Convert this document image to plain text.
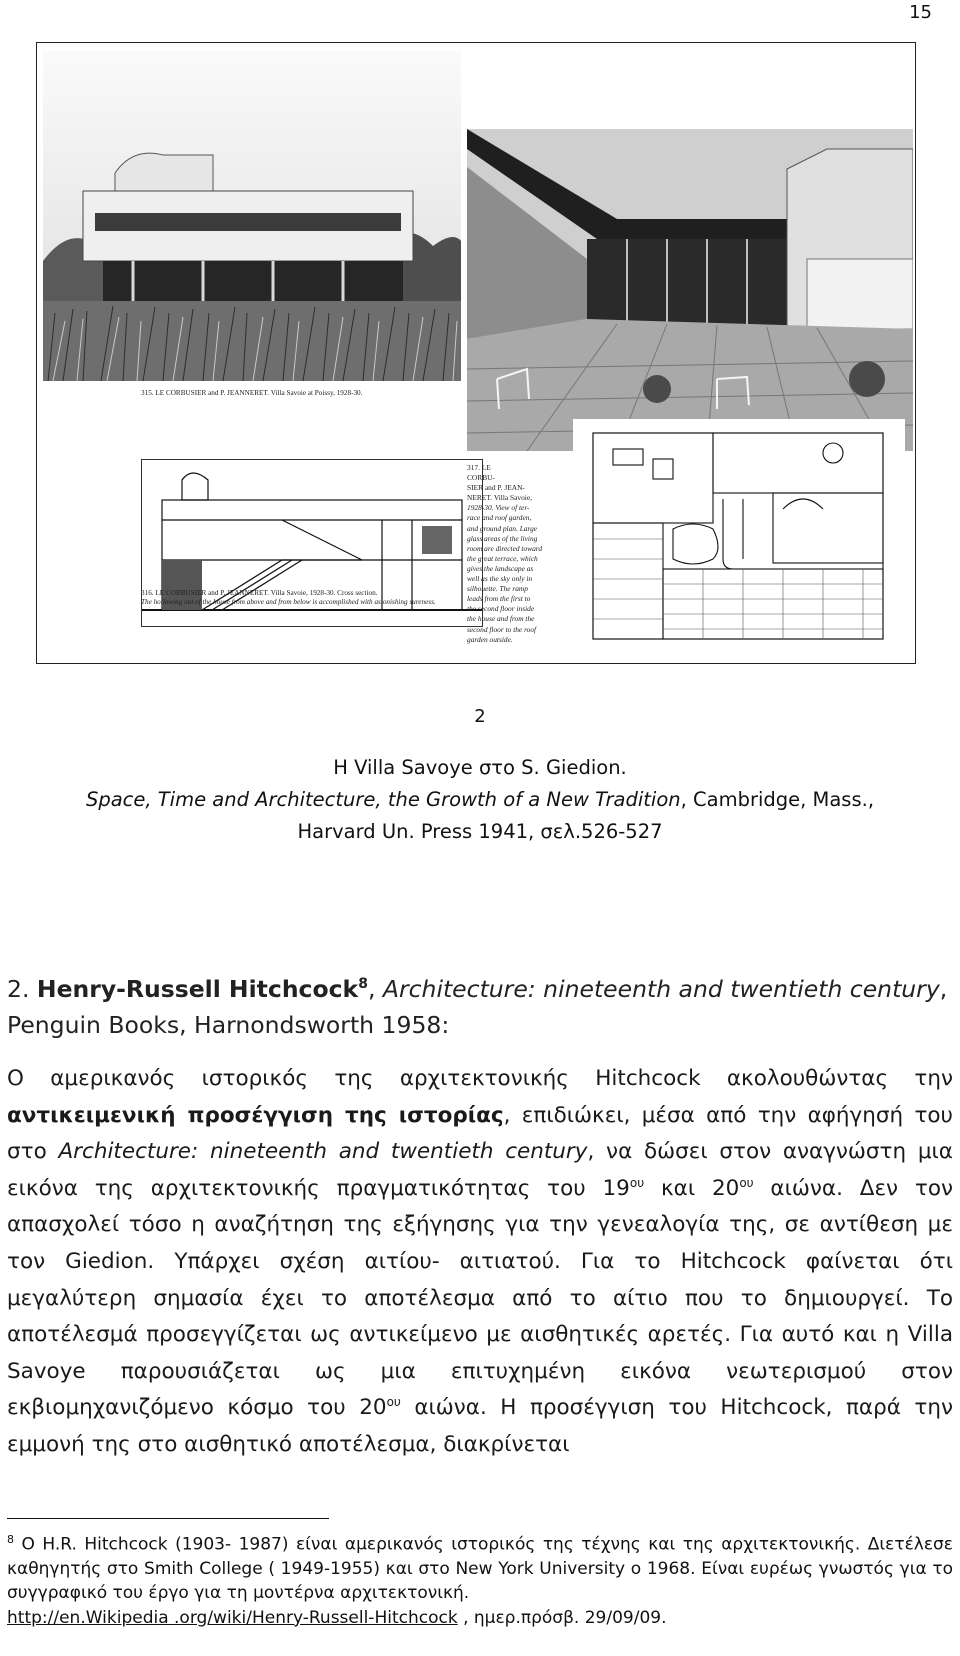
15
315. LE CORBUSIER and P. JEANNERET. Villa Savoie at Poissy, 1928-30.
316. LE CORBUSIER and P. JEANNERET. Villa Savoie, 1928-30. Cross section.
The hollowing out of the house from above and from below is accomplished with astonishing sureness.
317. LE
CORBU-
SIER and P. JEAN-
NERET. Villa Savoie,
1928-30. View of ter-
race and roof garden,
and ground plan. Large
glass areas of the living
room are directed toward
the great terrace, which
gives the landscape as
well as the sky only in
silhouette. The ramp
leads from the first to
the second floor inside
the house and from the
second floor to the roof
garden outside.
2
H Villa Savoye στο S. Giedion.
Space, Time and Architecture, the Growth of a New Tradition, Cambridge, Mass.,
Harvard Un. Press 1941, σελ.526-527
2. Henry-Russell Hitchcock$^8$, Architecture: nineteenth and twentieth century, Penguin Books, Harnondsworth 1958:
Ο αμερικανός ιστορικός της αρχιτεκτονικής Hitchcock ακολουθώντας την αντικειμενική προσέγγιση της ιστορίας, επιδιώκει, μέσα από την αφήγησή του στο Architecture: nineteenth and twentieth century, να δώσει στον αναγνώστη μια εικόνα της αρχιτεκτονικής πραγματικότητας του $19^{o\upsilon}$ και $20^{o\upsilon}$ αιώνα. Δεν τον απασχολεί τόσο η αναζήτηση της εξήγησης για την γενεαλογία της, σε αντίθεση με τον Giedion. Υπάρχει σχέση αιτίου- αιτιατού. Για το Hitchcock φαίνεται ότι μεγαλύτερη σημασία έχει το αποτέλεσμα από το αίτιο που το δημιουργεί. Το αποτέλεσμά προσεγγίζεται ως αντικείμενο με αισθητικές αρετές. Για αυτό και η Villa Savoye παρουσιάζεται ως μια επιτυχημένη εικόνα νεωτερισμού στον εκβιομηχανιζόμενο κόσμο του $20^{o\upsilon}$ αιώνα. Η προσέγγιση του Hitchcock, παρά την εμμονή της στο αισθητικό αποτέλεσμα, διακρίνεται
$^8$ Ο H.R. Hitchcock (1903- 1987) είναι αμερικανός ιστορικός της τέχνης και της αρχιτεκτονικής. Διετέλεσε καθηγητής στο Smith College ( 1949-1955) και στο New York University ο 1968. Είναι ευρέως γνωστός για το συγγραφικό του έργο για τη μοντέρνα αρχιτεκτονική.
http://en.Wikipedia .org/wiki/Henry-Russell-Hitchcock , ημερ.πρόσβ. 29/09/09.
